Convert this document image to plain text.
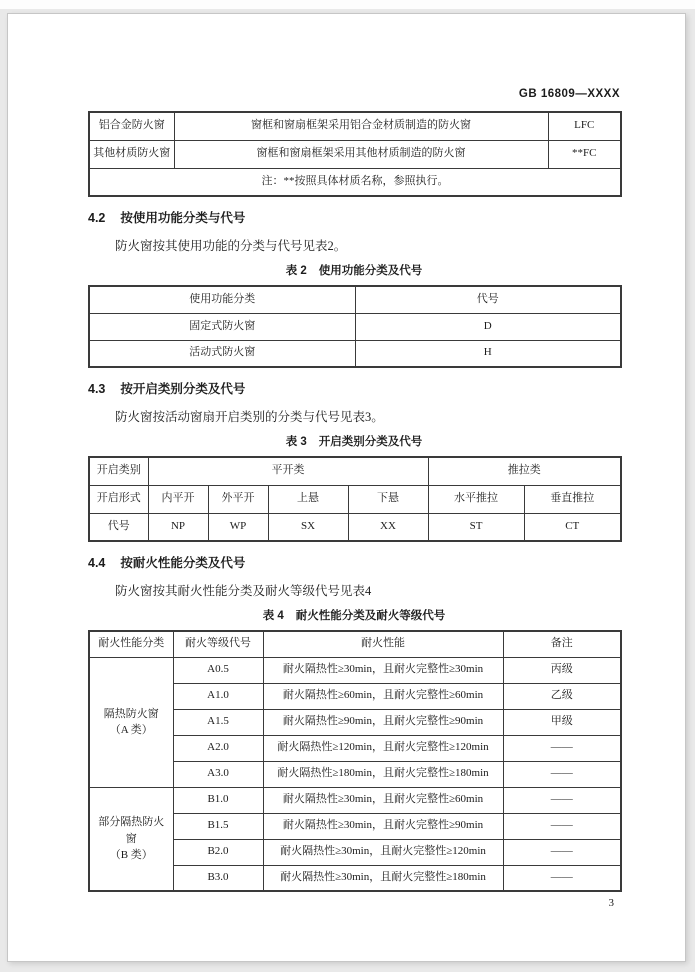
GB 16809—XXXX
铝合金防火窗	窗框和窗扇框架采用铝合金材质制造的防火窗	LFC
其他材质防火窗	窗框和窗扇框架采用其他材质制造的防火窗	**FC
注：**按照具体材质名称，参照执行。		
4.2 按使用功能分类与代号
防火窗按其使用功能的分类与代号见表2。
表 2 使用功能分类及代号
使用功能分类	代号
固定式防火窗	D
活动式防火窗	H
4.3 按开启类别分类及代号
防火窗按活动窗扇开启类别的分类与代号见表3。
表 3 开启类别分类及代号
开启类别	平开类				推拉类	
开启形式	内平开	外平开	上悬	下悬	水平推拉	垂直推拉
代号	NP	WP	SX	XX	ST	CT
4.4 按耐火性能分类及代号
防火窗按其耐火性能分类及耐火等级代号见表4
表 4 耐火性能分类及耐火等级代号
耐火性能分类	耐火等级代号	耐火性能	备注

隔热防火窗
（A 类）	A0.5	耐火隔热性≥30min，且耐火完整性≥30min	丙级
	A1.0	耐火隔热性≥60min，且耐火完整性≥60min	乙级
	A1.5	耐火隔热性≥90min，且耐火完整性≥90min	甲级
	A2.0	耐火隔热性≥120min，且耐火完整性≥120min	——
	A3.0	耐火隔热性≥180min，且耐火完整性≥180min	——

部分隔热防火窗
（B 类）	B1.0	耐火隔热性≥30min，且耐火完整性≥60min	——
	B1.5	耐火隔热性≥30min，且耐火完整性≥90min	——
	B2.0	耐火隔热性≥30min，且耐火完整性≥120min	——
	B3.0	耐火隔热性≥30min，且耐火完整性≥180min	——
3
